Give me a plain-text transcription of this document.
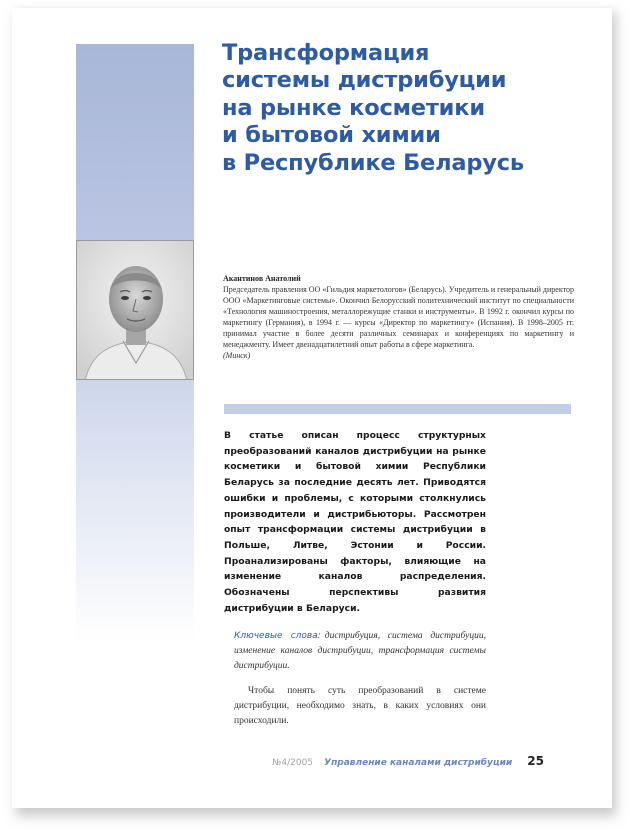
Трансформация
системы дистрибуции
на рынке косметики
и бытовой химии
в Республике Беларусь

Акантинов Анатолий

Председатель правления ОО «Гильдия маркетологов» (Беларусь). Учредитель и генеральный директор ООО «Маркетинговые системы». Окончил Белорусский политехнический институт по специальности «Технология машиностроения, металлорежущие станки и инструменты». В 1992 г. окончил курсы по маркетингу (Германия), в 1994 г. — курсы «Директор по маркетингу» (Испания). В 1998–2005 гг. принимал участие в более десяти различных семинарах и конференциях по маркетингу и менеджменту. Имеет двенадцатилетний опыт работы в сфере маркетинга.
(Минск)

В статье описан процесс структурных преобразований каналов дистрибуции на рынке косметики и бытовой химии Республики Беларусь за последние десять лет. Приводятся ошибки и проблемы, с которыми столкнулись производители и дистрибьюторы. Рассмотрен опыт трансформации системы дистрибуции в Польше, Литве, Эстонии и России. Проанализированы факторы, влияющие на изменение каналов распределения. Обозначены перспективы развития дистрибуции в Беларуси.

Ключевые слова: дистрибуция, система дистрибуции, изменение каналов дистрибуции, трансформация системы дистрибуции.

Чтобы понять суть преобразований в системе дистрибуции, необходимо знать, в каких условиях они происходили.

№4/2005 Управление каналами дистрибуции 25
